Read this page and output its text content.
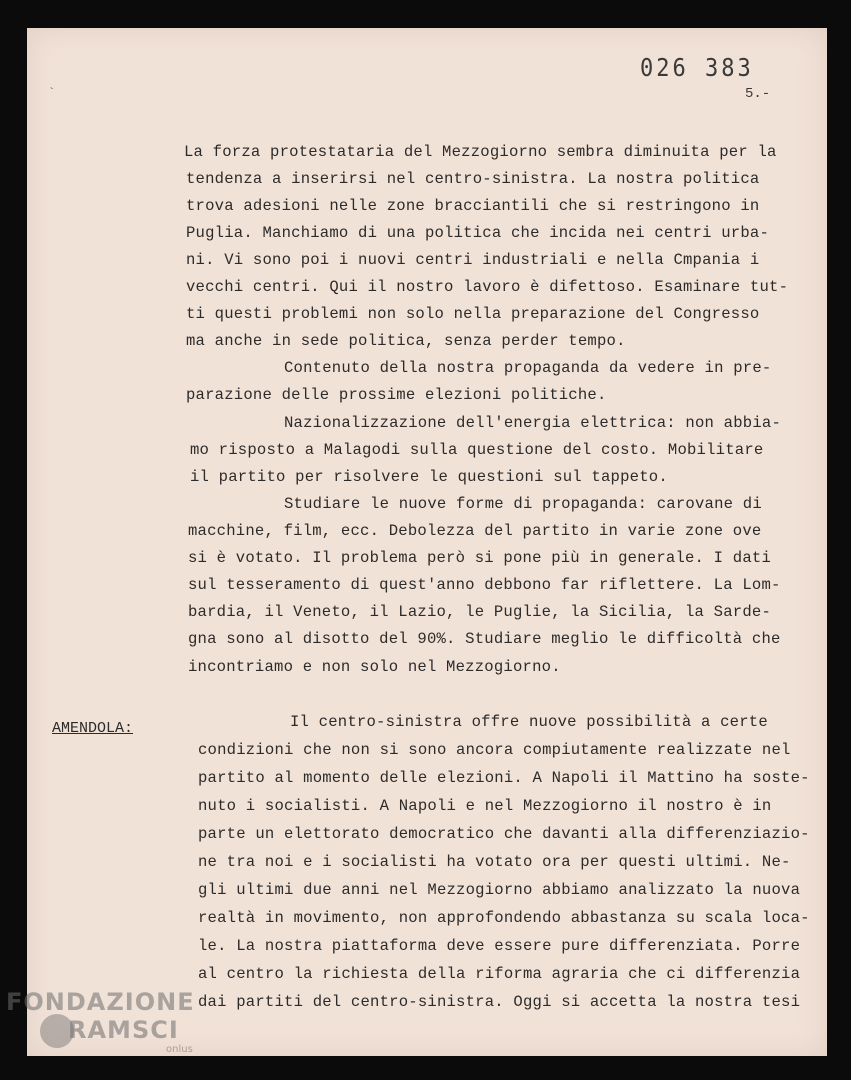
`
026 383
5.-
La forza protestataria del Mezzogiorno sembra diminuita per la
tendenza a inserirsi nel centro-sinistra. La nostra politica
trova adesioni nelle zone bracciantili che si restringono in
Puglia. Manchiamo di una politica che incida nei centri urba-
ni. Vi sono poi i nuovi centri industriali e nella Cmpania i
vecchi centri. Qui il nostro lavoro è difettoso. Esaminare tut-
ti questi problemi non solo nella preparazione del Congresso
ma anche in sede politica, senza perder tempo.
Contenuto della nostra propaganda da vedere in pre-
parazione delle prossime elezioni politiche.
Nazionalizzazione dell'energia elettrica: non abbia-
mo risposto a Malagodi sulla questione del costo. Mobilitare
il partito per risolvere le questioni sul tappeto.
Studiare le nuove forme di propaganda: carovane di
macchine, film, ecc. Debolezza del partito in varie zone ove
si è votato. Il problema però si pone più in generale. I dati
sul tesseramento di quest'anno debbono far riflettere. La Lom-
bardia, il Veneto, il Lazio, le Puglie, la Sicilia, la Sarde-
gna sono al disotto del 90%. Studiare meglio le difficoltà che
incontriamo e non solo nel Mezzogiorno.
AMENDOLA:	Il centro-sinistra offre nuove possibilità a certe
condizioni che non si sono ancora compiutamente realizzate nel
partito al momento delle elezioni. A Napoli il Mattino ha soste-
nuto i socialisti. A Napoli e nel Mezzogiorno il nostro è in
parte un elettorato democratico che davanti alla differenziazio-
ne tra noi e i socialisti ha votato ora per questi ultimi. Ne-
gli ultimi due anni nel Mezzogiorno abbiamo analizzato la nuova
realtà in movimento, non approfondendo abbastanza su scala loca-
le. La nostra piattaforma deve essere pure differenziata. Porre
al centro la richiesta della riforma agraria che ci differenzia
dai partiti del centro-sinistra. Oggi si accetta la nostra tesi
FONDAZIONE
RAMSCI
onlus
